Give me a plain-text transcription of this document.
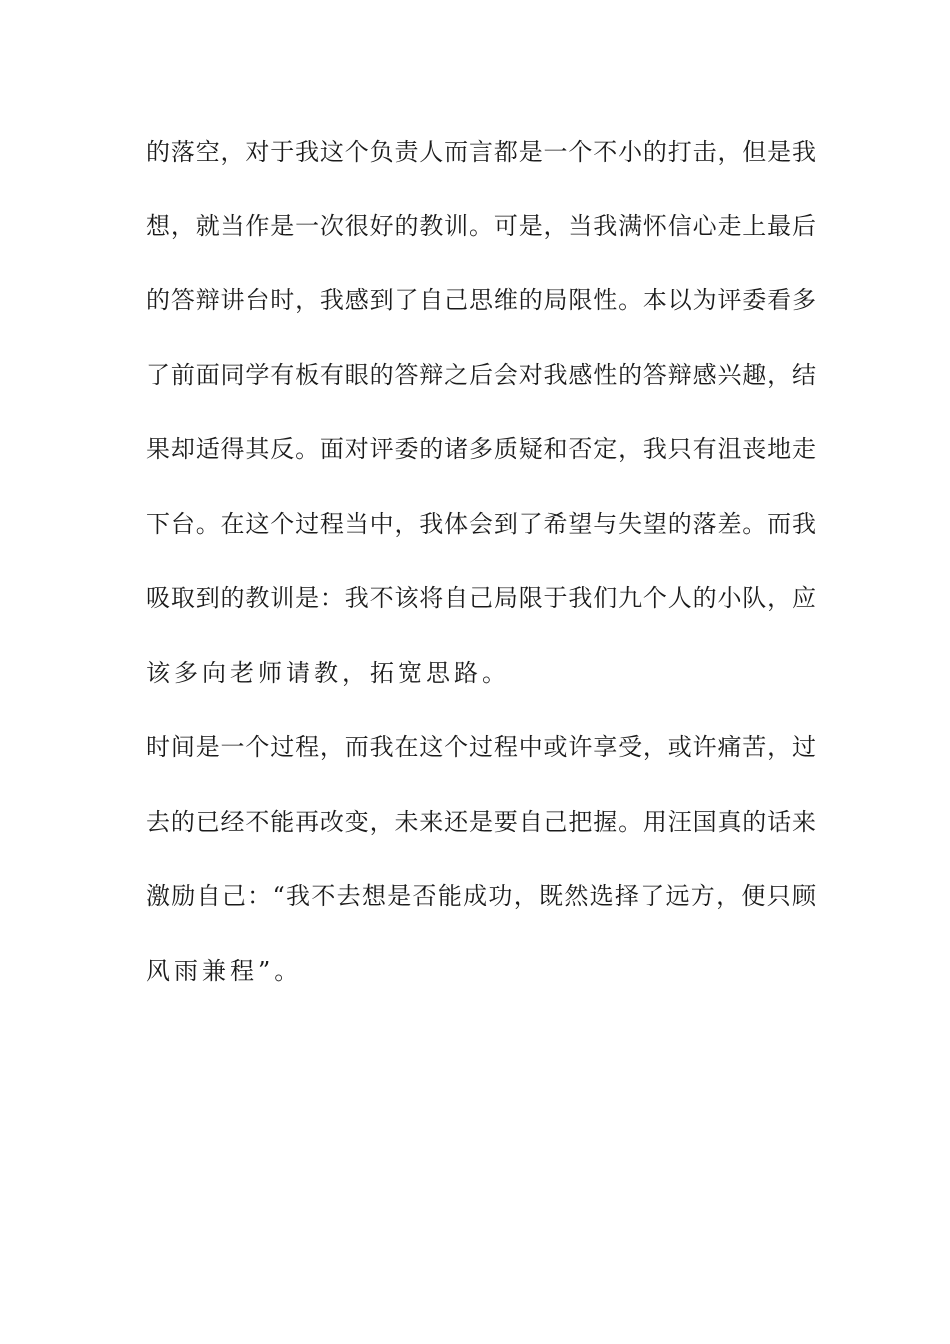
的落空，对于我这个负责人而言都是一个不小的打击，但是我
想，就当作是一次很好的教训。可是，当我满怀信心走上最后
的答辩讲台时，我感到了自己思维的局限性。本以为评委看多
了前面同学有板有眼的答辩之后会对我感性的答辩感兴趣，结
果却适得其反。面对评委的诸多质疑和否定，我只有沮丧地走
下台。在这个过程当中，我体会到了希望与失望的落差。而我
吸取到的教训是：我不该将自己局限于我们九个人的小队，应
该多向老师请教，拓宽思路。
时间是一个过程，而我在这个过程中或许享受，或许痛苦，过
去的已经不能再改变，未来还是要自己把握。用汪国真的话来
激励自己：“我不去想是否能成功，既然选择了远方，便只顾
风雨兼程”。
